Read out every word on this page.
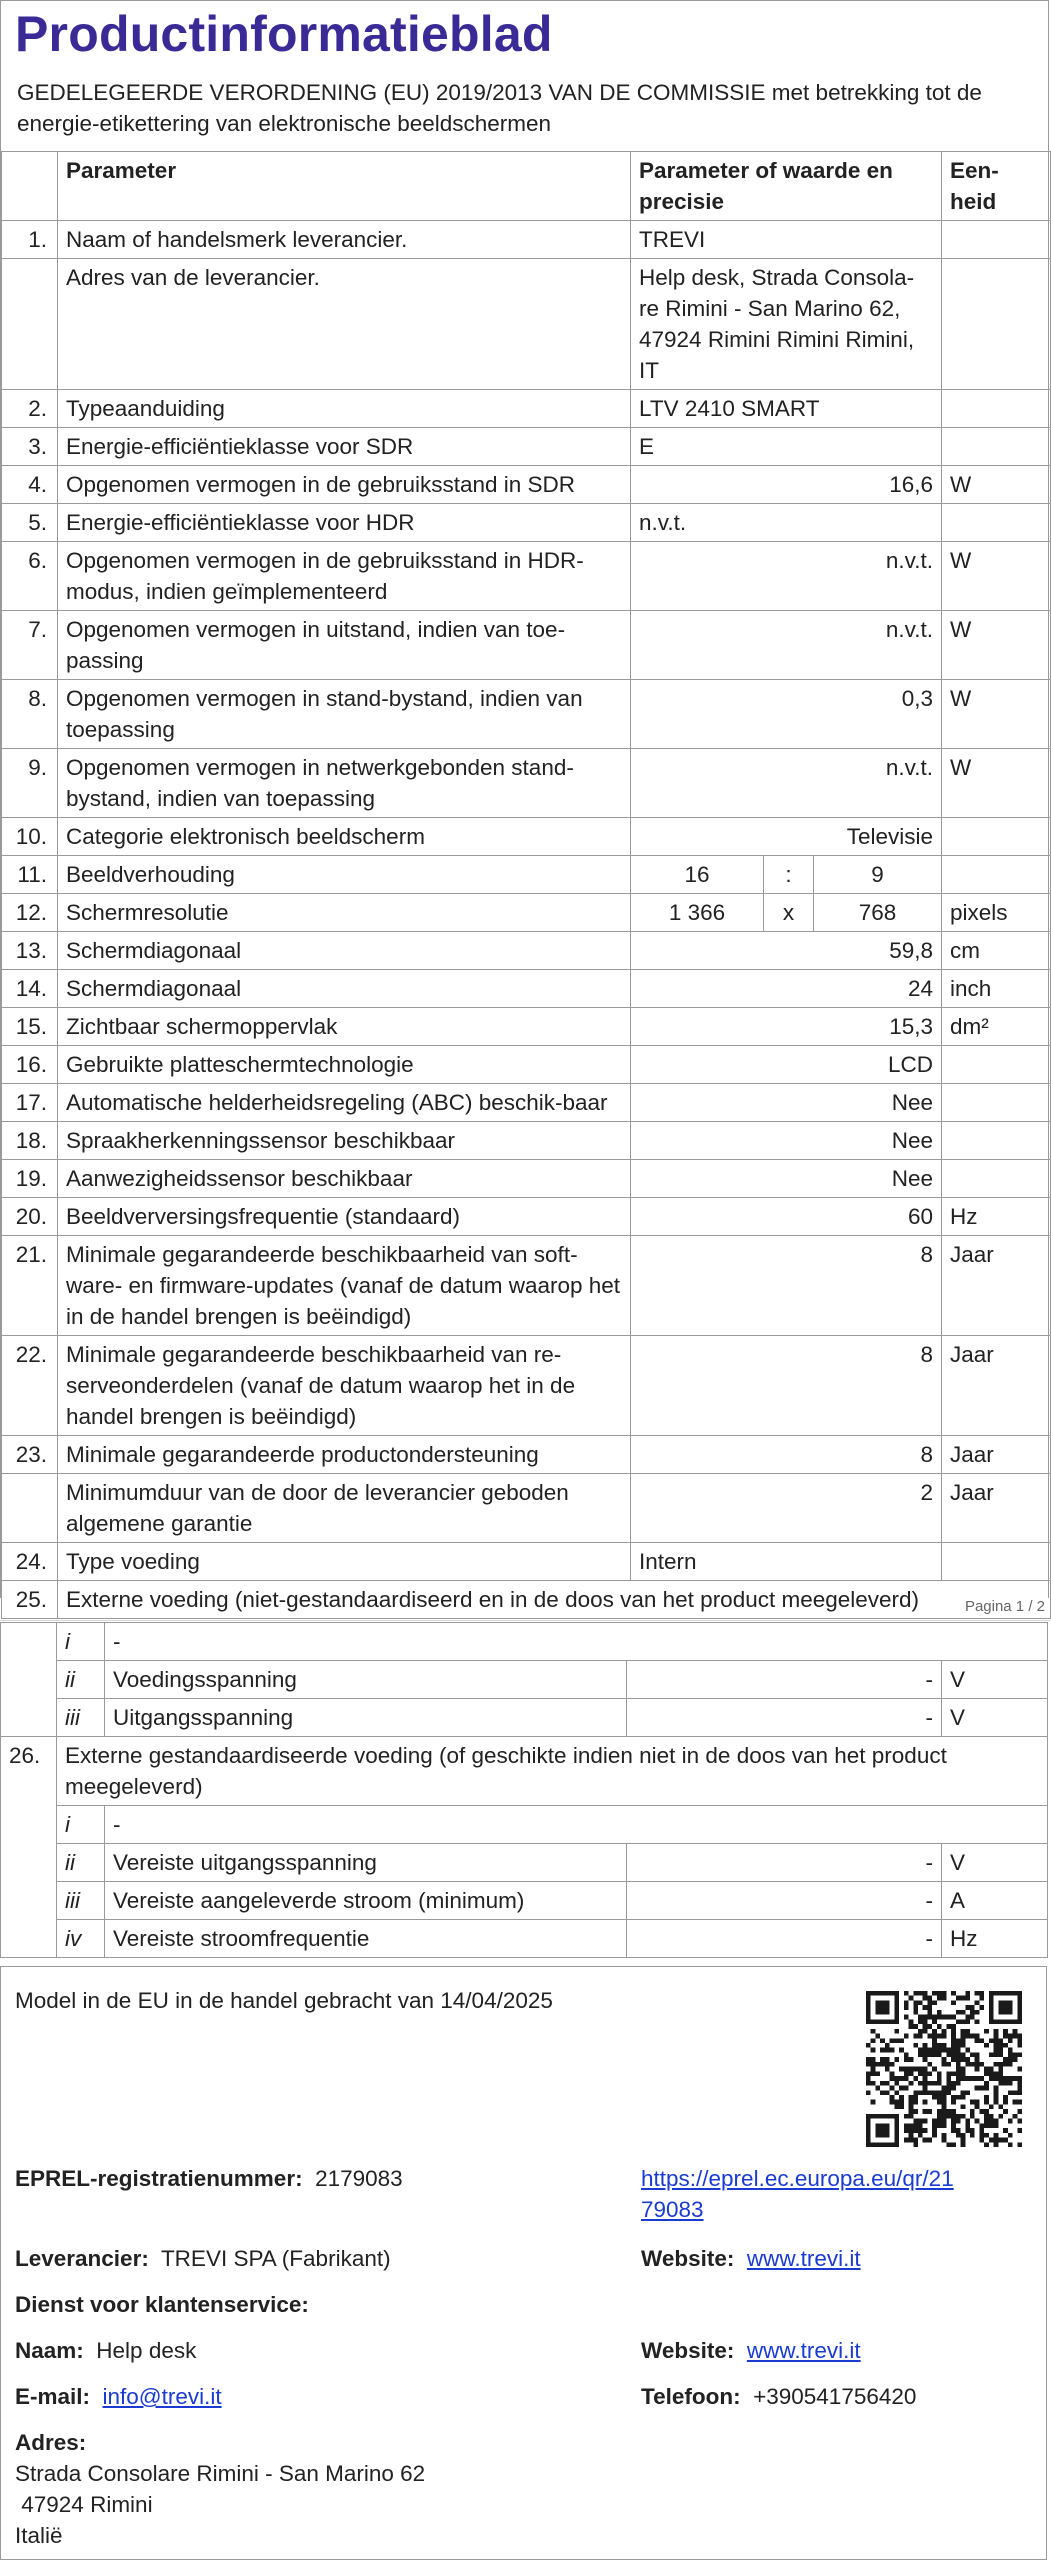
Productinformatieblad
GEDELEGEERDE VERORDENING (EU) 2019/2013 VAN DE COMMISSIE met betrekking tot de energie-etikettering van elektronische beeldschermen
	Parameter	Parameter of waarde en precisie			Een-heid
1.	Naam of handelsmerk leverancier.	TREVI			
	Adres van de leverancier.	Help desk, Strada Consola-re Rimini - San Marino 62, 47924 Rimini Rimini Rimini, IT			
2.	Typeaanduiding	LTV 2410 SMART			
3.	Energie-efficiëntieklasse voor SDR	E			
4.	Opgenomen vermogen in de gebruiksstand in SDR	16,6			W
5.	Energie-efficiëntieklasse voor HDR	n.v.t.			
6.	Opgenomen vermogen in de gebruiksstand in HDR-modus, indien geïmplementeerd	n.v.t.			W
7.	Opgenomen vermogen in uitstand, indien van toe-passing	n.v.t.			W
8.	Opgenomen vermogen in stand-bystand, indien van toepassing	0,3			W
9.	Opgenomen vermogen in netwerkgebonden stand-bystand, indien van toepassing	n.v.t.			W
10.	Categorie elektronisch beeldscherm	Televisie			
11.	Beeldverhouding	16	:	9	
12.	Schermresolutie	1 366	x	768	pixels
13.	Schermdiagonaal	59,8			cm
14.	Schermdiagonaal	24			inch
15.	Zichtbaar schermoppervlak	15,3			dm²
16.	Gebruikte platteschermtechnologie	LCD			
17.	Automatische helderheidsregeling (ABC) beschik-baar	Nee			
18.	Spraakherkenningssensor beschikbaar	Nee			
19.	Aanwezigheidssensor beschikbaar	Nee			
20.	Beeldverversingsfrequentie (standaard)	60			Hz
21.	Minimale gegarandeerde beschikbaarheid van soft-ware- en firmware-updates (vanaf de datum waarop het in de handel brengen is beëindigd)	8			Jaar
22.	Minimale gegarandeerde beschikbaarheid van re-serveonderdelen (vanaf de datum waarop het in de handel brengen is beëindigd)	8			Jaar
23.	Minimale gegarandeerde productondersteuning	8			Jaar
	Minimumduur van de door de leverancier geboden algemene garantie	2			Jaar
24.	Type voeding	Intern			
25.	Externe voeding (niet-gestandaardiseerd en in de doos van het product meegeleverd)					Pagina 1 / 2
	i	-		
	ii	Voedingsspanning	-	V
	iii	Uitgangsspanning	-	V
26.	Externe gestandaardiseerde voeding (of geschikte indien niet in de doos van het product meegeleverd)			
	i	-		
	ii	Vereiste uitgangsspanning	-	V
	iii	Vereiste aangeleverde stroom (minimum)	-	A
	iv	Vereiste stroomfrequentie	-	Hz
Model in de EU in de handel gebracht van 14/04/2025
EPREL-registratienummer: 2179083	https://eprel.ec.europa.eu/qr/21
79083
Leverancier: TREVI SPA (Fabrikant)	Website: www.trevi.it
Dienst voor klantenservice:
Naam: Help desk	Website: www.trevi.it
E-mail: info@trevi.it	Telefoon: +390541756420
Adres:
Strada Consolare Rimini - San Marino 62
47924 Rimini
Italië
